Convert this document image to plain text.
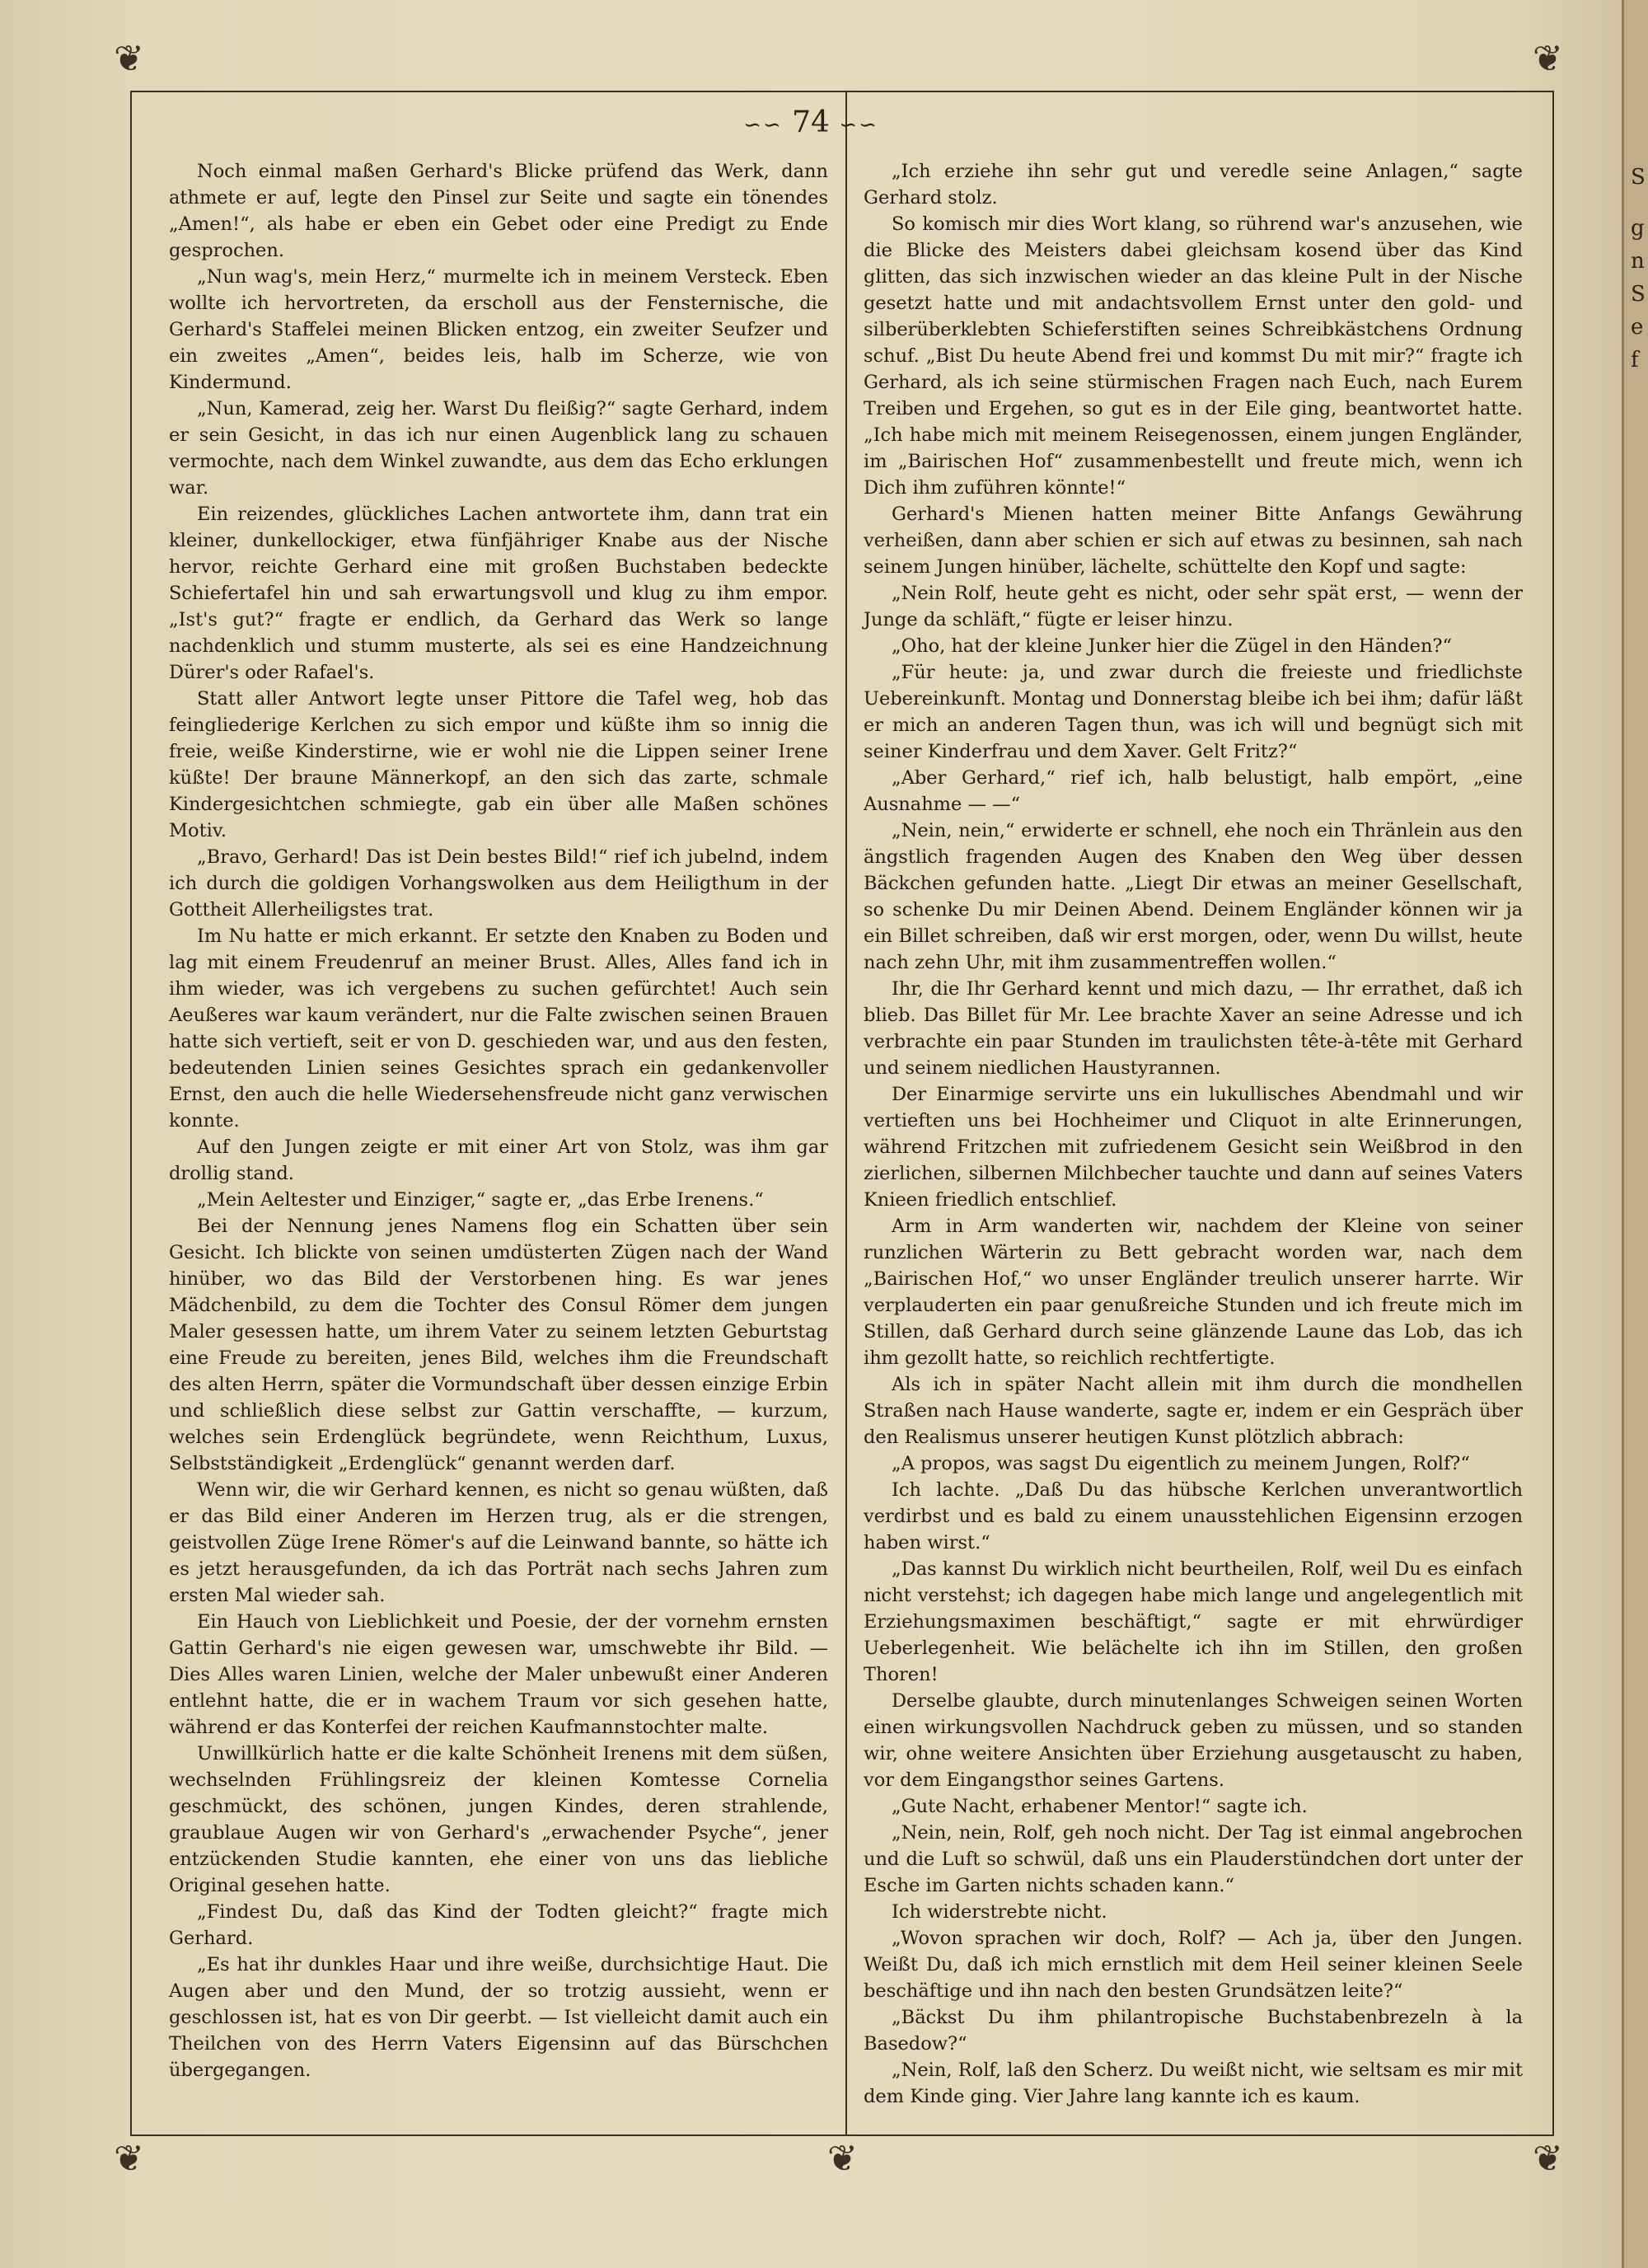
❦	❦
❦	❦	❦
∽∽ 74 ∽∽

Noch einmal maßen Gerhard's Blicke prüfend das Werk, dann athmete er auf, legte den Pinsel zur Seite und sagte ein tönendes „Amen!“, als habe er eben ein Gebet oder eine Predigt zu Ende gesprochen.

„Nun wag's, mein Herz,“ murmelte ich in meinem Versteck. Eben wollte ich hervortreten, da erscholl aus der Fensternische, die Gerhard's Staffelei meinen Blicken entzog, ein zweiter Seufzer und ein zweites „Amen“, beides leis, halb im Scherze, wie von Kindermund.

„Nun, Kamerad, zeig her. Warst Du fleißig?“ sagte Gerhard, indem er sein Gesicht, in das ich nur einen Augenblick lang zu schauen vermochte, nach dem Winkel zuwandte, aus dem das Echo erklungen war.

Ein reizendes, glückliches Lachen antwortete ihm, dann trat ein kleiner, dunkellockiger, etwa fünfjähriger Knabe aus der Nische hervor, reichte Gerhard eine mit großen Buchstaben bedeckte Schiefertafel hin und sah erwartungsvoll und klug zu ihm empor. „Ist's gut?“ fragte er endlich, da Gerhard das Werk so lange nachdenklich und stumm musterte, als sei es eine Handzeichnung Dürer's oder Rafael's.

Statt aller Antwort legte unser Pittore die Tafel weg, hob das feingliederige Kerlchen zu sich empor und küßte ihm so innig die freie, weiße Kinderstirne, wie er wohl nie die Lippen seiner Irene küßte! Der braune Männerkopf, an den sich das zarte, schmale Kindergesichtchen schmiegte, gab ein über alle Maßen schönes Motiv.

„Bravo, Gerhard! Das ist Dein bestes Bild!“ rief ich jubelnd, indem ich durch die goldigen Vorhangswolken aus dem Heiligthum in der Gottheit Allerheiligstes trat.

Im Nu hatte er mich erkannt. Er setzte den Knaben zu Boden und lag mit einem Freudenruf an meiner Brust. Alles, Alles fand ich in ihm wieder, was ich vergebens zu suchen gefürchtet! Auch sein Aeußeres war kaum verändert, nur die Falte zwischen seinen Brauen hatte sich vertieft, seit er von D. geschieden war, und aus den festen, bedeutenden Linien seines Gesichtes sprach ein gedankenvoller Ernst, den auch die helle Wiedersehensfreude nicht ganz verwischen konnte.

Auf den Jungen zeigte er mit einer Art von Stolz, was ihm gar drollig stand.

„Mein Aeltester und Einziger,“ sagte er, „das Erbe Irenens.“

Bei der Nennung jenes Namens flog ein Schatten über sein Gesicht. Ich blickte von seinen umdüsterten Zügen nach der Wand hinüber, wo das Bild der Verstorbenen hing. Es war jenes Mädchenbild, zu dem die Tochter des Consul Römer dem jungen Maler gesessen hatte, um ihrem Vater zu seinem letzten Geburtstag eine Freude zu bereiten, jenes Bild, welches ihm die Freundschaft des alten Herrn, später die Vormundschaft über dessen einzige Erbin und schließlich diese selbst zur Gattin verschaffte, — kurzum, welches sein Erdenglück begründete, wenn Reichthum, Luxus, Selbstständigkeit „Erdenglück“ genannt werden darf.

Wenn wir, die wir Gerhard kennen, es nicht so genau wüßten, daß er das Bild einer Anderen im Herzen trug, als er die strengen, geistvollen Züge Irene Römer's auf die Leinwand bannte, so hätte ich es jetzt herausgefunden, da ich das Porträt nach sechs Jahren zum ersten Mal wieder sah.

Ein Hauch von Lieblichkeit und Poesie, der der vornehm ernsten Gattin Gerhard's nie eigen gewesen war, umschwebte ihr Bild. — Dies Alles waren Linien, welche der Maler unbewußt einer Anderen entlehnt hatte, die er in wachem Traum vor sich gesehen hatte, während er das Konterfei der reichen Kaufmannstochter malte.

Unwillkürlich hatte er die kalte Schönheit Irenens mit dem süßen, wechselnden Frühlingsreiz der kleinen Komtesse Cornelia geschmückt, des schönen, jungen Kindes, deren strahlende, graublaue Augen wir von Gerhard's „erwachender Psyche“, jener entzückenden Studie kannten, ehe einer von uns das liebliche Original gesehen hatte.

„Findest Du, daß das Kind der Todten gleicht?“ fragte mich Gerhard.

„Es hat ihr dunkles Haar und ihre weiße, durchsichtige Haut. Die Augen aber und den Mund, der so trotzig aussieht, wenn er geschlossen ist, hat es von Dir geerbt. — Ist vielleicht damit auch ein Theilchen von des Herrn Vaters Eigensinn auf das Bürschchen übergegangen.

„Ich erziehe ihn sehr gut und veredle seine Anlagen,“ sagte Gerhard stolz.

So komisch mir dies Wort klang, so rührend war's anzusehen, wie die Blicke des Meisters dabei gleichsam kosend über das Kind glitten, das sich inzwischen wieder an das kleine Pult in der Nische gesetzt hatte und mit andachtsvollem Ernst unter den gold- und silberüberklebten Schieferstiften seines Schreibkästchens Ordnung schuf. „Bist Du heute Abend frei und kommst Du mit mir?“ fragte ich Gerhard, als ich seine stürmischen Fragen nach Euch, nach Eurem Treiben und Ergehen, so gut es in der Eile ging, beantwortet hatte. „Ich habe mich mit meinem Reisegenossen, einem jungen Engländer, im „Bairischen Hof“ zusammenbestellt und freute mich, wenn ich Dich ihm zuführen könnte!“

Gerhard's Mienen hatten meiner Bitte Anfangs Gewährung verheißen, dann aber schien er sich auf etwas zu besinnen, sah nach seinem Jungen hinüber, lächelte, schüttelte den Kopf und sagte:

„Nein Rolf, heute geht es nicht, oder sehr spät erst, — wenn der Junge da schläft,“ fügte er leiser hinzu.

„Oho, hat der kleine Junker hier die Zügel in den Händen?“

„Für heute: ja, und zwar durch die freieste und friedlichste Uebereinkunft. Montag und Donnerstag bleibe ich bei ihm; dafür läßt er mich an anderen Tagen thun, was ich will und begnügt sich mit seiner Kinderfrau und dem Xaver. Gelt Fritz?“

„Aber Gerhard,“ rief ich, halb belustigt, halb empört, „eine Ausnahme — —“

„Nein, nein,“ erwiderte er schnell, ehe noch ein Thränlein aus den ängstlich fragenden Augen des Knaben den Weg über dessen Bäckchen gefunden hatte. „Liegt Dir etwas an meiner Gesellschaft, so schenke Du mir Deinen Abend. Deinem Engländer können wir ja ein Billet schreiben, daß wir erst morgen, oder, wenn Du willst, heute nach zehn Uhr, mit ihm zusammentreffen wollen.“

Ihr, die Ihr Gerhard kennt und mich dazu, — Ihr errathet, daß ich blieb. Das Billet für Mr. Lee brachte Xaver an seine Adresse und ich verbrachte ein paar Stunden im traulichsten tête-à-tête mit Gerhard und seinem niedlichen Haustyrannen.

Der Einarmige servirte uns ein lukullisches Abendmahl und wir vertieften uns bei Hochheimer und Cliquot in alte Erinnerungen, während Fritzchen mit zufriedenem Gesicht sein Weißbrod in den zierlichen, silbernen Milchbecher tauchte und dann auf seines Vaters Knieen friedlich entschlief.

Arm in Arm wanderten wir, nachdem der Kleine von seiner runzlichen Wärterin zu Bett gebracht worden war, nach dem „Bairischen Hof,“ wo unser Engländer treulich unserer harrte. Wir verplauderten ein paar genußreiche Stunden und ich freute mich im Stillen, daß Gerhard durch seine glänzende Laune das Lob, das ich ihm gezollt hatte, so reichlich rechtfertigte.

Als ich in später Nacht allein mit ihm durch die mondhellen Straßen nach Hause wanderte, sagte er, indem er ein Gespräch über den Realismus unserer heutigen Kunst plötzlich abbrach:

„A propos, was sagst Du eigentlich zu meinem Jungen, Rolf?“

Ich lachte. „Daß Du das hübsche Kerlchen unverantwortlich verdirbst und es bald zu einem unausstehlichen Eigensinn erzogen haben wirst.“

„Das kannst Du wirklich nicht beurtheilen, Rolf, weil Du es einfach nicht verstehst; ich dagegen habe mich lange und angelegentlich mit Erziehungsmaximen beschäftigt,“ sagte er mit ehrwürdiger Ueberlegenheit. Wie belächelte ich ihn im Stillen, den großen Thoren!

Derselbe glaubte, durch minutenlanges Schweigen seinen Worten einen wirkungsvollen Nachdruck geben zu müssen, und so standen wir, ohne weitere Ansichten über Erziehung ausgetauscht zu haben, vor dem Eingangsthor seines Gartens.

„Gute Nacht, erhabener Mentor!“ sagte ich.

„Nein, nein, Rolf, geh noch nicht. Der Tag ist einmal angebrochen und die Luft so schwül, daß uns ein Plauderstündchen dort unter der Esche im Garten nichts schaden kann.“

Ich widerstrebte nicht.

„Wovon sprachen wir doch, Rolf? — Ach ja, über den Jungen. Weißt Du, daß ich mich ernstlich mit dem Heil seiner kleinen Seele beschäftige und ihn nach den besten Grundsätzen leite?“

„Bäckst Du ihm philantropische Buchstabenbrezeln à la Basedow?“

„Nein, Rolf, laß den Scherz. Du weißt nicht, wie seltsam es mir mit dem Kinde ging. Vier Jahre lang kannte ich es kaum.

S
g
n
S
e
f
